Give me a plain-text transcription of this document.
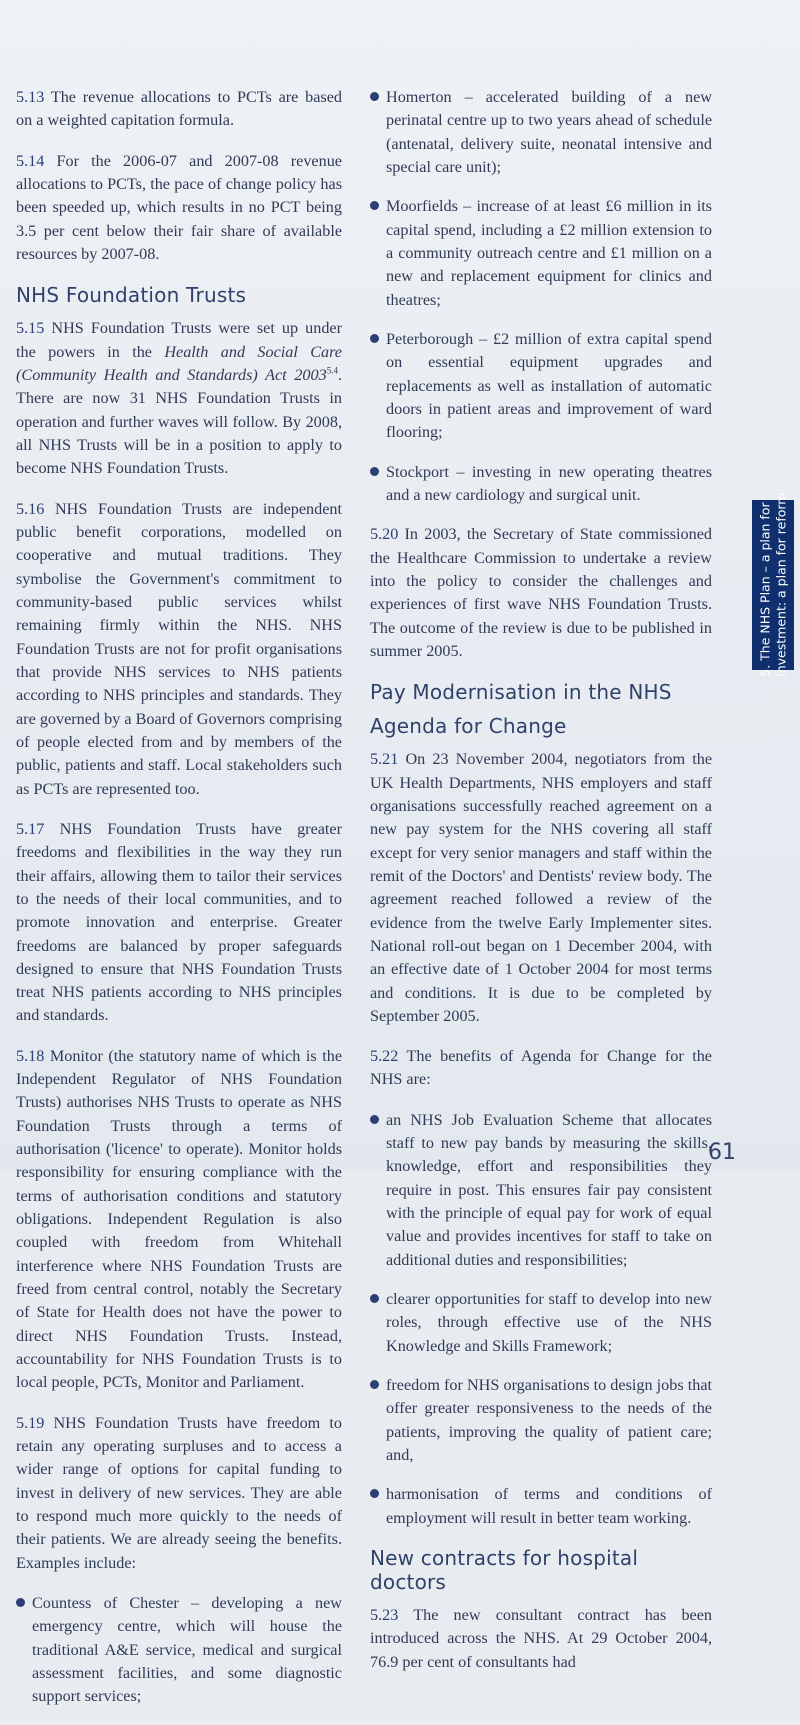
5.13 The revenue allocations to PCTs are based on a weighted capitation formula.

5.14 For the 2006-07 and 2007-08 revenue allocations to PCTs, the pace of change policy has been speeded up, which results in no PCT being 3.5 per cent below their fair share of available resources by 2007-08.

NHS Foundation Trusts

5.15 NHS Foundation Trusts were set up under the powers in the Health and Social Care (Community Health and Standards) Act $2003^{5.4}$. There are now 31 NHS Foundation Trusts in operation and further waves will follow. By 2008, all NHS Trusts will be in a position to apply to become NHS Foundation Trusts.

5.16 NHS Foundation Trusts are independent public benefit corporations, modelled on cooperative and mutual traditions. They symbolise the Government's commitment to community-based public services whilst remaining firmly within the NHS. NHS Foundation Trusts are not for profit organisations that provide NHS services to NHS patients according to NHS principles and standards. They are governed by a Board of Governors comprising of people elected from and by members of the public, patients and staff. Local stakeholders such as PCTs are represented too.

5.17 NHS Foundation Trusts have greater freedoms and flexibilities in the way they run their affairs, allowing them to tailor their services to the needs of their local communities, and to promote innovation and enterprise. Greater freedoms are balanced by proper safeguards designed to ensure that NHS Foundation Trusts treat NHS patients according to NHS principles and standards.

5.18 Monitor (the statutory name of which is the Independent Regulator of NHS Foundation Trusts) authorises NHS Trusts to operate as NHS Foundation Trusts through a terms of authorisation ('licence' to operate). Monitor holds responsibility for ensuring compliance with the terms of authorisation conditions and statutory obligations. Independent Regulation is also coupled with freedom from Whitehall interference where NHS Foundation Trusts are freed from central control, notably the Secretary of State for Health does not have the power to direct NHS Foundation Trusts. Instead, accountability for NHS Foundation Trusts is to local people, PCTs, Monitor and Parliament.

5.19 NHS Foundation Trusts have freedom to retain any operating surpluses and to access a wider range of options for capital funding to invest in delivery of new services. They are able to respond much more quickly to the needs of their patients. We are already seeing the benefits. Examples include:

Countess of Chester – developing a new emergency centre, which will house the traditional A&E service, medical and surgical assessment facilities, and some diagnostic support services;
Homerton – accelerated building of a new perinatal centre up to two years ahead of schedule (antenatal, delivery suite, neonatal intensive and special care unit);
Moorfields – increase of at least £6 million in its capital spend, including a £2 million extension to a community outreach centre and £1 million on a new and replacement equipment for clinics and theatres;
Peterborough – £2 million of extra capital spend on essential equipment upgrades and replacements as well as installation of automatic doors in patient areas and improvement of ward flooring;
Stockport – investing in new operating theatres and a new cardiology and surgical unit.

5.20 In 2003, the Secretary of State commissioned the Healthcare Commission to undertake a review into the policy to consider the challenges and experiences of first wave NHS Foundation Trusts. The outcome of the review is due to be published in summer 2005.

Pay Modernisation in the NHS
Agenda for Change

5.21 On 23 November 2004, negotiators from the UK Health Departments, NHS employers and staff organisations successfully reached agreement on a new pay system for the NHS covering all staff except for very senior managers and staff within the remit of the Doctors' and Dentists' review body. The agreement reached followed a review of the evidence from the twelve Early Implementer sites. National roll-out began on 1 December 2004, with an effective date of 1 October 2004 for most terms and conditions. It is due to be completed by September 2005.

5.22 The benefits of Agenda for Change for the NHS are:

an NHS Job Evaluation Scheme that allocates staff to new pay bands by measuring the skills, knowledge, effort and responsibilities they require in post. This ensures fair pay consistent with the principle of equal pay for work of equal value and provides incentives for staff to take on additional duties and responsibilities;
clearer opportunities for staff to develop into new roles, through effective use of the NHS Knowledge and Skills Framework;
freedom for NHS organisations to design jobs that offer greater responsiveness to the needs of the patients, improving the quality of patient care; and,
harmonisation of terms and conditions of employment will result in better team working.
New contracts for hospital doctors

5.23 The new consultant contract has been introduced across the NHS. At 29 October 2004, 76.9 per cent of consultants had

5. The NHS Plan – a plan for investment: a plan for reform
61
